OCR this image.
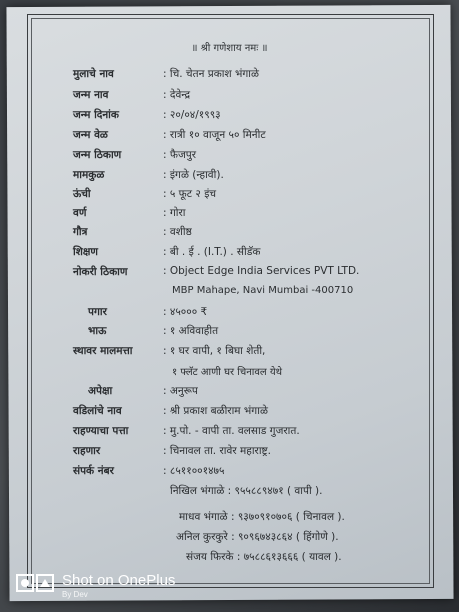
॥ श्री गणेशाय नमः ॥
मुलाचे नाव	: चि. चेतन प्रकाश भंगाळे
जन्म नाव	: देवेन्द्र
जन्म दिनांक	: २०/०४/१९९३
जन्म वेळ	: रात्री १० वाजून ५० मिनीट
जन्म ठिकाण	: फैजपुर
मामकुळ	: इंगळे (न्हावी).
ऊंची	: ५ फूट २ इंच
वर्ण	: गोरा
गौत्र	: वशीष्ठ
शिक्षण	: बी . ई . (I.T.) . सीडॅक
नोकरी ठिकाण	: Object Edge India Services PVT LTD.
MBP Mahape, Navi Mumbai -400710
पगार	: ४५००० ₹
भाऊ	: १ अविवाहीत
स्थावर मालमत्ता	: १ घर वापी, १ बिघा शेती,
१ फ्लॅट आणी घर चिनावल येथे
अपेक्षा	: अनुरूप
वडिलांचे नाव	: श्री प्रकाश बळीराम भंगाळे
राहण्याचा पत्ता	: मु.पो. - वापी ता. वलसाड गुजरात.
राहणार	: चिनावल ता. रावेर महाराष्ट्र.
संपर्क नंबर	: ८५११००१४७५
निखिल भंगाळे : ९५५८८९४७१ ( वापी ).
माधव भंगाळे : ९३७०९१०७०६ ( चिनावल ).
अनिल कुरकुरे : ९०९६७४३८६४ ( हिंगोणे ).
संजय फिरके : ७५८८६१३६६६ ( यावल ).
Shot on OnePlus
By Dev
